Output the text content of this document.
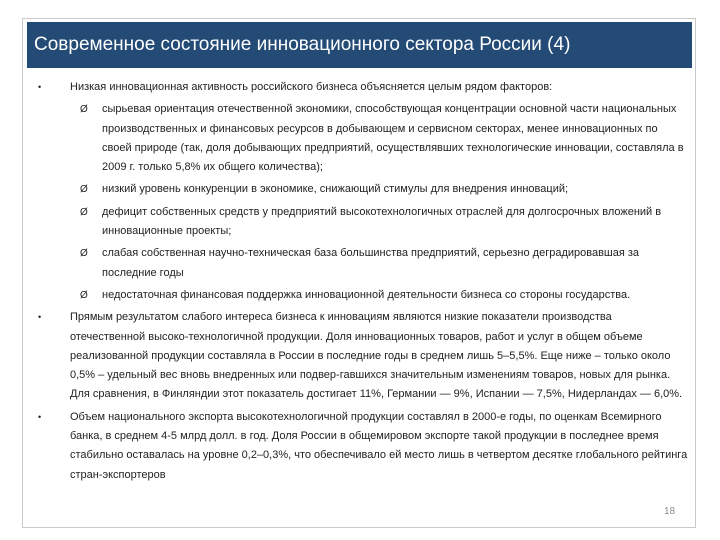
Современное состояние инновационного сектора России (4)
•	Низкая инновационная активность российского бизнеса объясняется целым рядом факторов:
Ø сырьевая ориентация отечественной экономики, способствующая концентрации основной части национальных производственных и финансовых ресурсов в добывающем и сервисном секторах, менее инновационных по своей природе (так, доля добывающих предприятий, осуществлявших технологические инновации, составляла в 2009 г. только 5,8% их общего количества);
Ø низкий уровень конкуренции в экономике, снижающий стимулы для внедрения инноваций;
Ø дефицит собственных средств у предприятий высокотехнологичных отраслей для долгосрочных вложений в инновационные проекты;
Ø слабая собственная научно-техническая база большинства предприятий, серьезно деградировавшая за последние годы
Ø недостаточная финансовая поддержка инновационной деятельности бизнеса со стороны государства.
•	Прямым результатом слабого интереса бизнеса к инновациям являются низкие показатели производства отечественной высоко-технологичной продукции. Доля инновационных товаров, работ и услуг в общем объеме реализованной продукции составляла в России в последние годы в среднем лишь 5–5,5%. Еще ниже – только около 0,5% – удельный вес вновь внедренных или подвер-гавшихся значительным изменениям товаров, новых для рынка. Для сравнения, в Финляндии этот показатель достигает 11%, Германии — 9%, Испании — 7,5%, Нидерландах — 6,0%.
•	Объем национального экспорта высокотехнологичной продукции составлял в 2000-е годы, по оценкам Всемирного банка, в среднем 4-5 млрд долл. в год. Доля России в общемировом экспорте такой продукции в последнее время стабильно оставалась на уровне 0,2–0,3%, что обеспечивало ей место лишь в четвертом десятке глобального рейтинга стран-экспортеров
18
